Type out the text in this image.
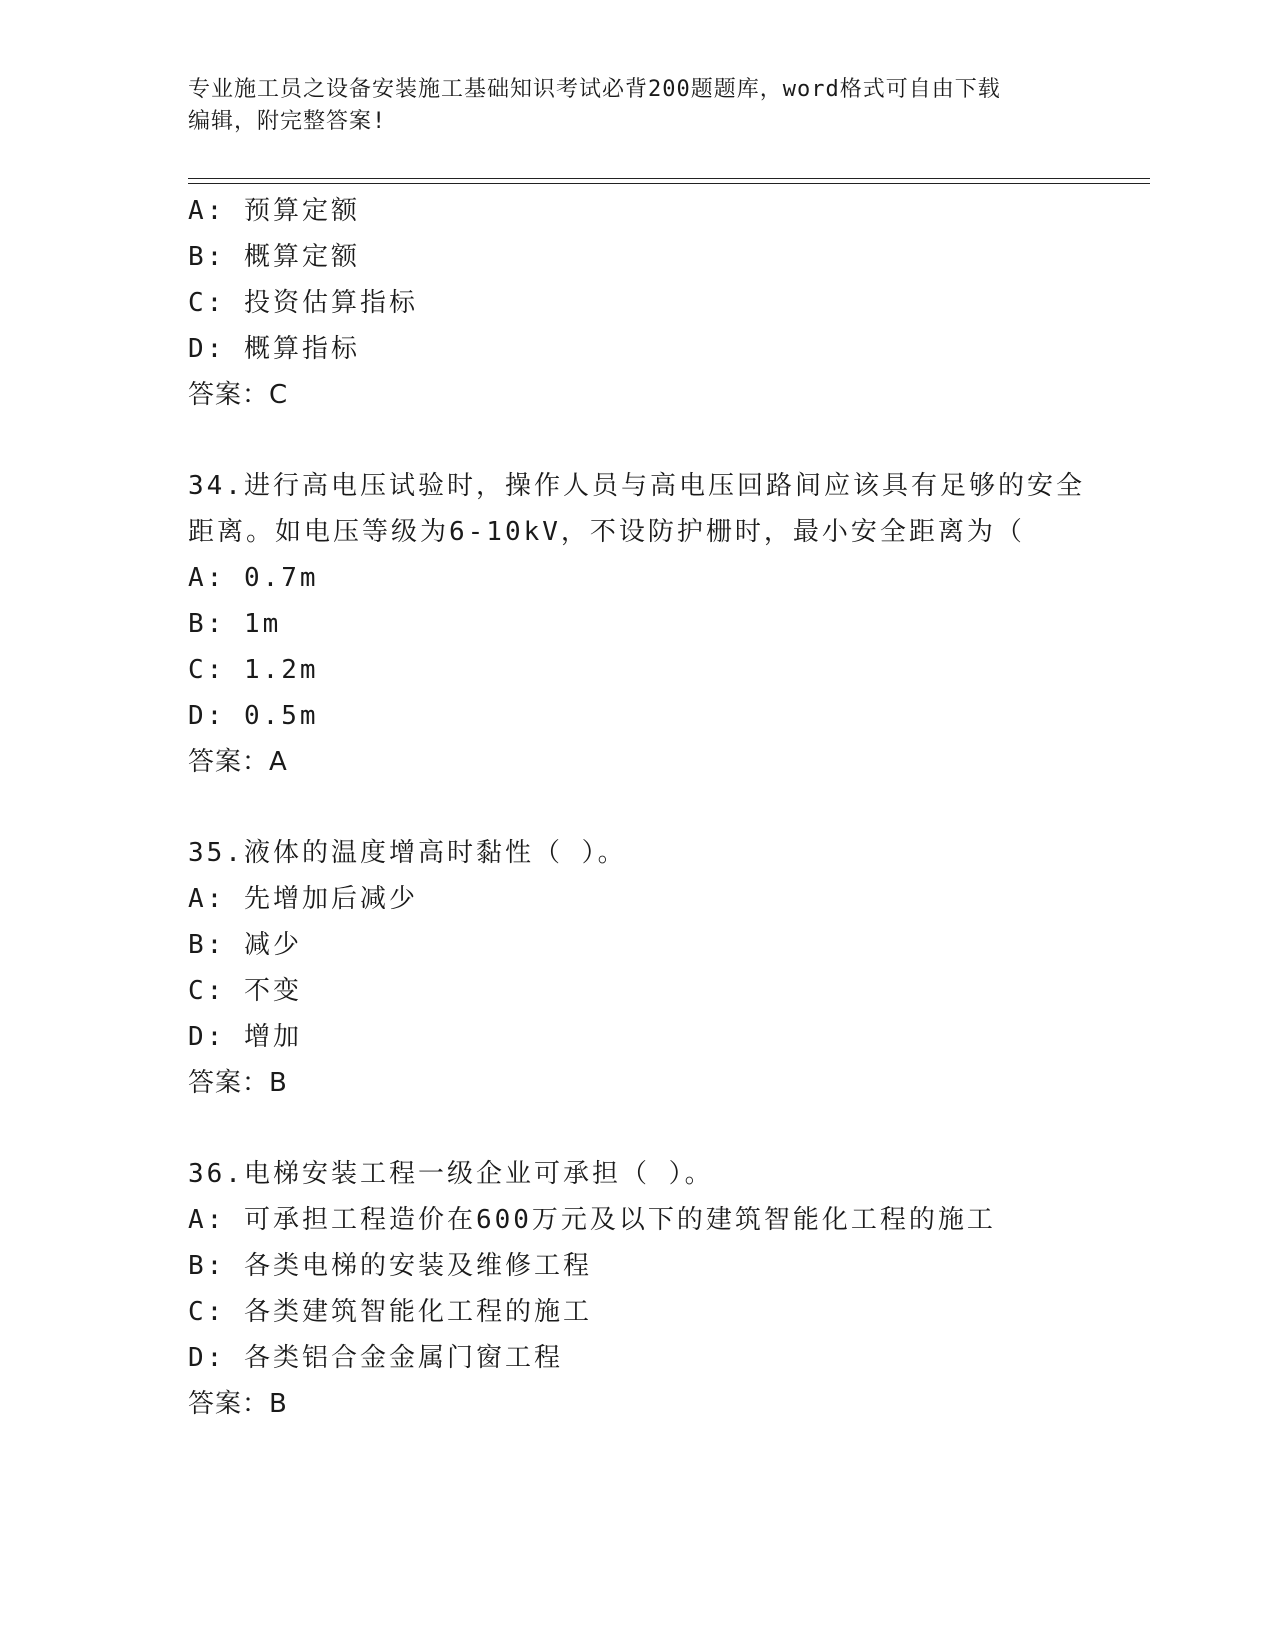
专业施工员之设备安装施工基础知识考试必背200题题库，word格式可自由下载
编辑，附完整答案!
A: 预算定额
B: 概算定额
C: 投资估算指标
D: 概算指标
答案：C
34.进行高电压试验时，操作人员与高电压回路间应该具有足够的安全
距离。如电压等级为6-10kV，不设防护栅时，最小安全距离为（
A: 0.7m
B: 1m
C: 1.2m
D: 0.5m
答案：A
35.液体的温度增高时黏性（ ）。
A: 先增加后减少
B: 减少
C: 不变
D: 增加
答案：B
36.电梯安装工程一级企业可承担（ ）。
A: 可承担工程造价在600万元及以下的建筑智能化工程的施工
B: 各类电梯的安装及维修工程
C: 各类建筑智能化工程的施工
D: 各类铝合金金属门窗工程
答案：B
